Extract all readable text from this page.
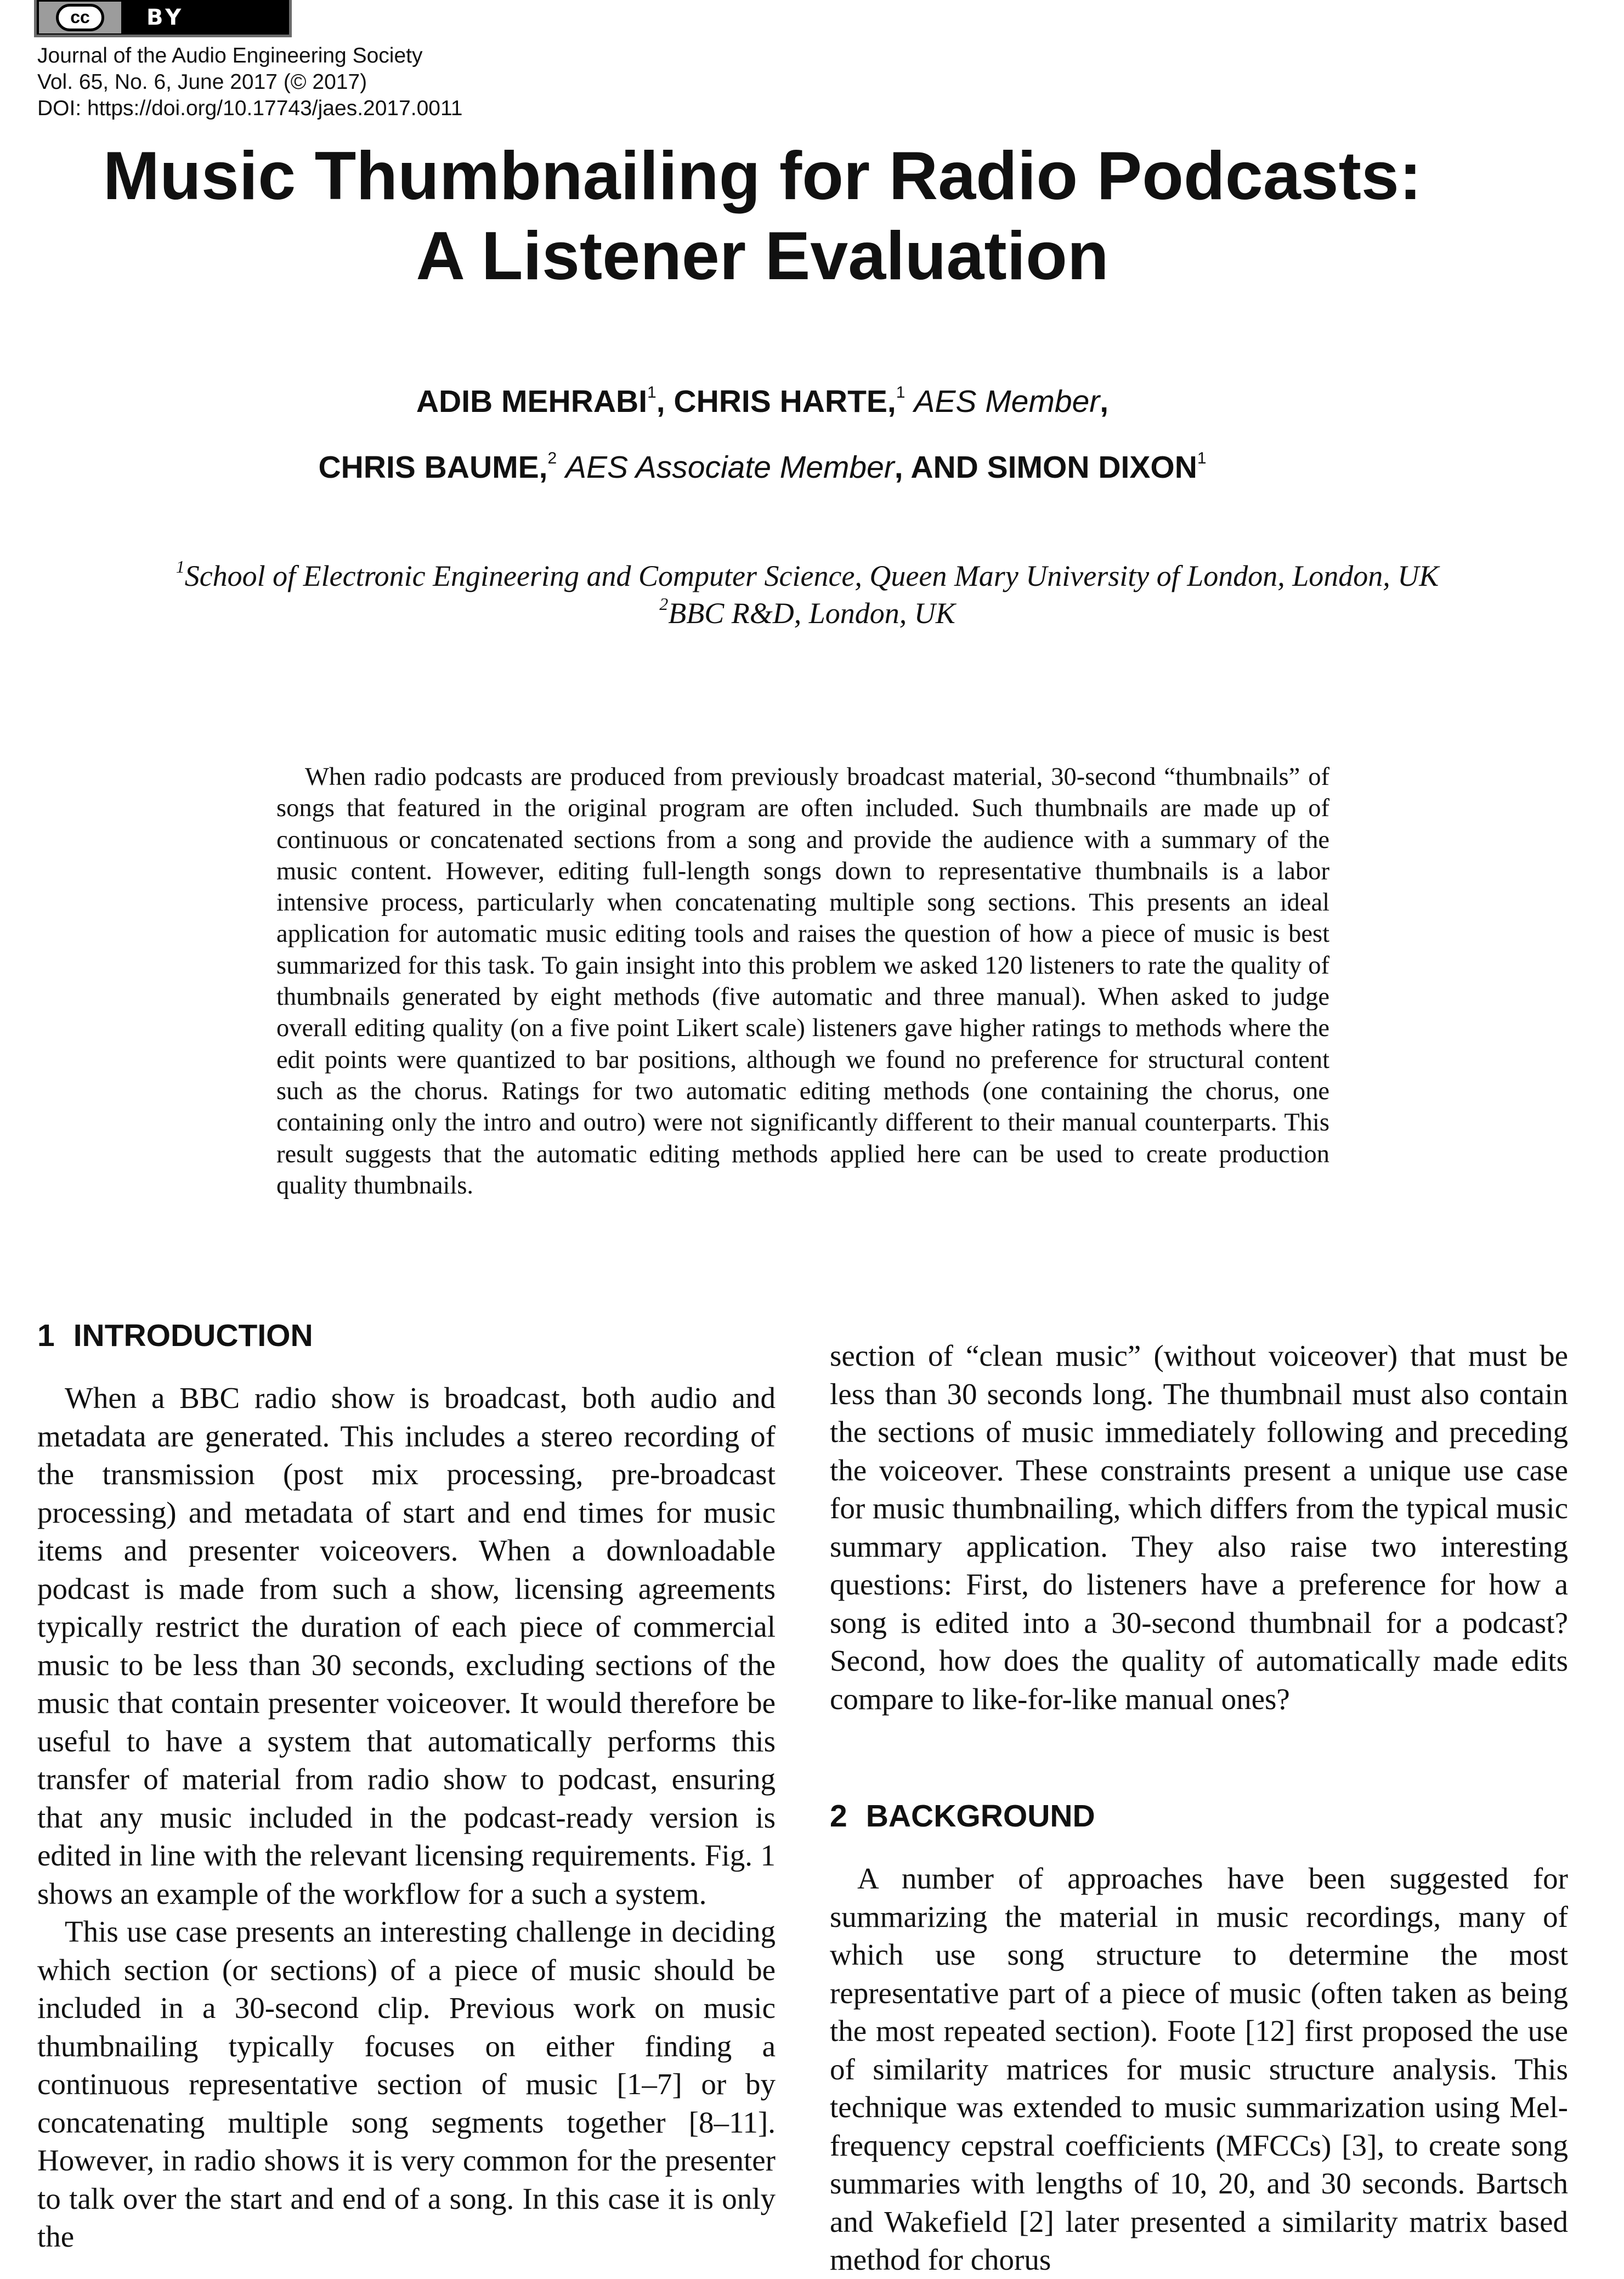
cc	BY
Journal of the Audio Engineering Society
Vol. 65, No. 6, June 2017 (© 2017)
DOI: https://doi.org/10.17743/jaes.2017.0011
Music Thumbnailing for Radio Podcasts:
A Listener Evaluation
ADIB MEHRABI$^1$, CHRIS HARTE,$^1$ AES Member,
CHRIS BAUME,$^2$ AES Associate Member, AND SIMON DIXON$^1$
$^1$School of Electronic Engineering and Computer Science, Queen Mary University of London, London, UK
$^2$BBC R&D, London, UK
When radio podcasts are produced from previously broadcast material, 30-second “thumbnails” of songs that featured in the original program are often included. Such thumbnails are made up of continuous or concatenated sections from a song and provide the audience with a summary of the music content. However, editing full-length songs down to representative thumbnails is a labor intensive process, particularly when concatenating multiple song sections. This presents an ideal application for automatic music editing tools and raises the question of how a piece of music is best summarized for this task. To gain insight into this problem we asked 120 listeners to rate the quality of thumbnails generated by eight methods (five automatic and three manual). When asked to judge overall editing quality (on a five point Likert scale) listeners gave higher ratings to methods where the edit points were quantized to bar positions, although we found no preference for structural content such as the chorus. Ratings for two automatic editing methods (one containing the chorus, one containing only the intro and outro) were not significantly different to their manual counterparts. This result suggests that the automatic editing methods applied here can be used to create production quality thumbnails.
1 INTRODUCTION

When a BBC radio show is broadcast, both audio and metadata are generated. This includes a stereo recording of the transmission (post mix processing, pre-broadcast processing) and metadata of start and end times for music items and presenter voiceovers. When a downloadable podcast is made from such a show, licensing agreements typically restrict the duration of each piece of commercial music to be less than 30 seconds, excluding sections of the music that contain presenter voiceover. It would therefore be useful to have a system that automatically performs this transfer of material from radio show to podcast, ensuring that any music included in the podcast-ready version is edited in line with the relevant licensing requirements. Fig. 1 shows an example of the workflow for a such a system.

This use case presents an interesting challenge in deciding which section (or sections) of a piece of music should be included in a 30-second clip. Previous work on music thumbnailing typically focuses on either finding a continuous representative section of music [1–7] or by concatenating multiple song segments together [8–11]. However, in radio shows it is very common for the presenter to talk over the start and end of a song. In this case it is only the

section of “clean music” (without voiceover) that must be less than 30 seconds long. The thumbnail must also contain the sections of music immediately following and preceding the voiceover. These constraints present a unique use case for music thumbnailing, which differs from the typical music summary application. They also raise two interesting questions: First, do listeners have a preference for how a song is edited into a 30-second thumbnail for a podcast? Second, how does the quality of automatically made edits compare to like-for-like manual ones?

2 BACKGROUND

A number of approaches have been suggested for summarizing the material in music recordings, many of which use song structure to determine the most representative part of a piece of music (often taken as being the most repeated section). Foote [12] first proposed the use of similarity matrices for music structure analysis. This technique was extended to music summarization using Mel-frequency cepstral coefficients (MFCCs) [3], to create song summaries with lengths of 10, 20, and 30 seconds. Bartsch and Wakefield [2] later presented a similarity matrix based method for chorus
